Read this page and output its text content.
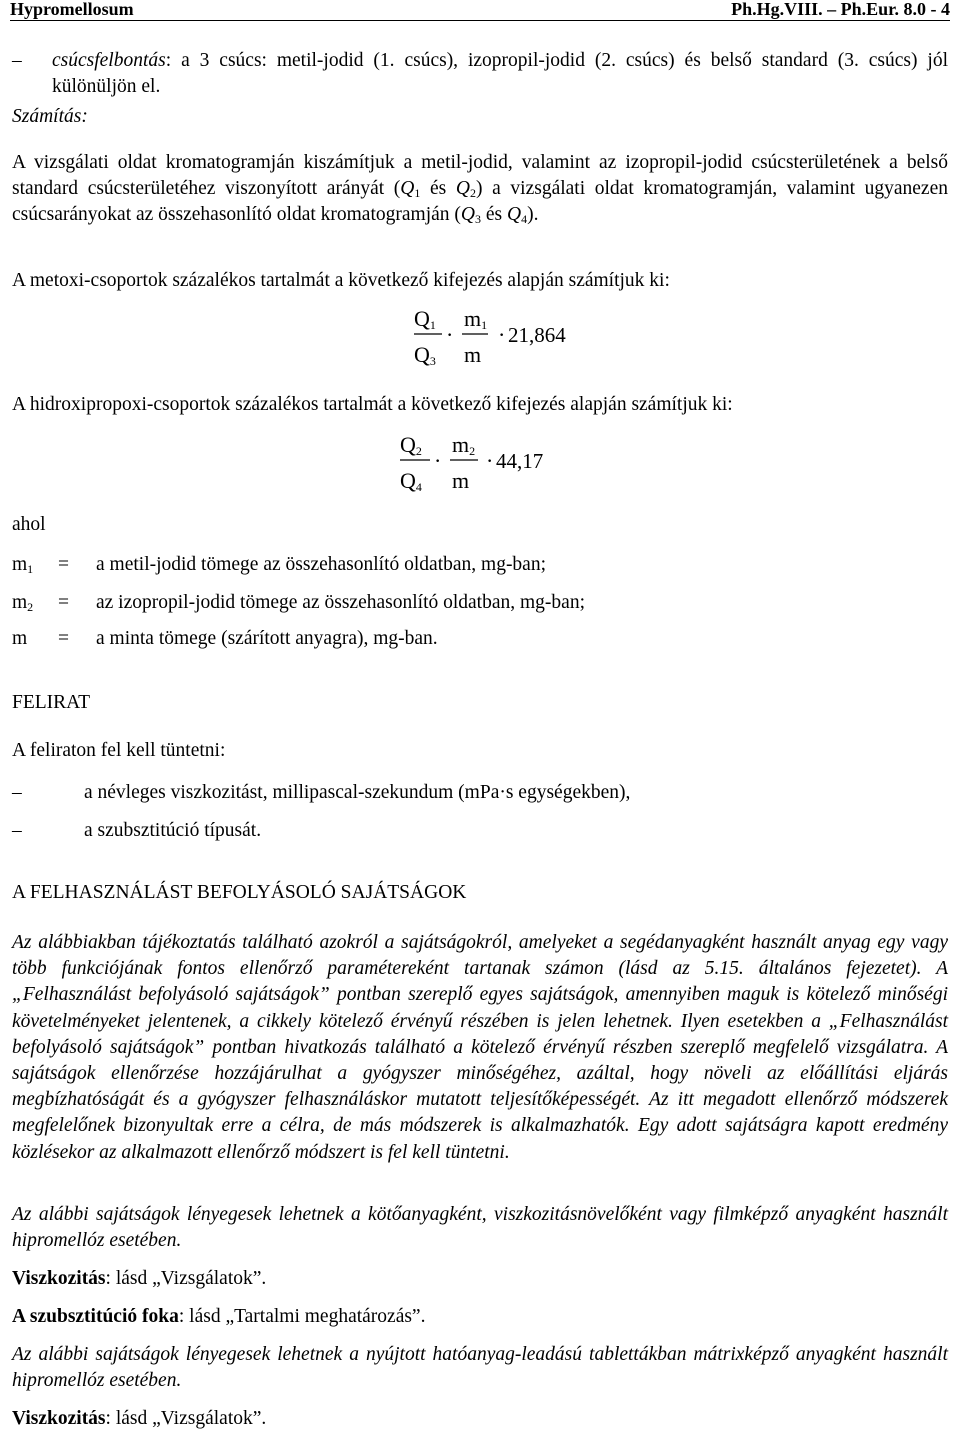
Hypromellosum	Ph.Hg.VIII. – Ph.Eur. 8.0 - 4
– csúcsfelbontás: a 3 csúcs: metil-jodid (1. csúcs), izopropil-jodid (2. csúcs) és belső standard (3. csúcs) jól különüljön el.
Számítás:
A vizsgálati oldat kromatogramján kiszámítjuk a metil-jodid, valamint az izopropil-jodid csúcsterületének a belső standard csúcsterületéhez viszonyított arányát ($Q_1$ és $Q_2$) a vizsgálati oldat kromatogramján, valamint ugyanezen csúcsarányokat az összehasonlító oldat kromatogramján ($Q_3$ és $Q_4$).
A metoxi-csoportok százalékos tartalmát a következő kifejezés alapján számítjuk ki:
$Q_1$
$Q_3$
·
$m_1$
m
· 21,864
A hidroxipropoxi-csoportok százalékos tartalmát a következő kifejezés alapján számítjuk ki:
$Q_2$
$Q_4$
·
$m_2$
m
· 44,17
ahol
$m_1 = a$ metil-jodid tömege az összehasonlító oldatban, mg-ban;
$m_2$ = az izopropil-jodid tömege az összehasonlító oldatban, mg-ban;
m = a minta tömege (szárított anyagra), mg-ban.
FELIRAT
A feliraton fel kell tüntetni:
–	a névleges viszkozitást, millipascal-szekundum (mPa·s egységekben),
–	a szubsztitúció típusát.
A FELHASZNÁLÁST BEFOLYÁSOLÓ SAJÁTSÁGOK
Az alábbiakban tájékoztatás található azokról a sajátságokról, amelyeket a segédanyagként használt anyag egy vagy több funkciójának fontos ellenőrző paramétereként tartanak számon (lásd az 5.15. általános fejezetet). A „Felhasználást befolyásoló sajátságok” pontban szereplő egyes sajátságok, amennyiben maguk is kötelező minőségi követelményeket jelentenek, a cikkely kötelező érvényű részében is jelen lehetnek. Ilyen esetekben a „Felhasználást befolyásoló sajátságok” pontban hivatkozás található a kötelező érvényű részben szereplő megfelelő vizsgálatra. A sajátságok ellenőrzése hozzájárulhat a gyógyszer minőségéhez, azáltal, hogy növeli az előállítási eljárás megbízhatóságát és a gyógyszer felhasználáskor mutatott teljesítőképességét. Az itt megadott ellenőrző módszerek megfelelőnek bizonyultak erre a célra, de más módszerek is alkalmazhatók. Egy adott sajátságra kapott eredmény közlésekor az alkalmazott ellenőrző módszert is fel kell tüntetni.
Az alábbi sajátságok lényegesek lehetnek a kötőanyagként, viszkozitásnövelőként vagy filmképző anyagként használt hipromellóz esetében.
Viszkozitás: lásd „Vizsgálatok”.
A szubsztitúció foka: lásd „Tartalmi meghatározás”.
Az alábbi sajátságok lényegesek lehetnek a nyújtott hatóanyag-leadású tablettákban mátrixképző anyagként használt hipromellóz esetében.
Viszkozitás: lásd „Vizsgálatok”.
